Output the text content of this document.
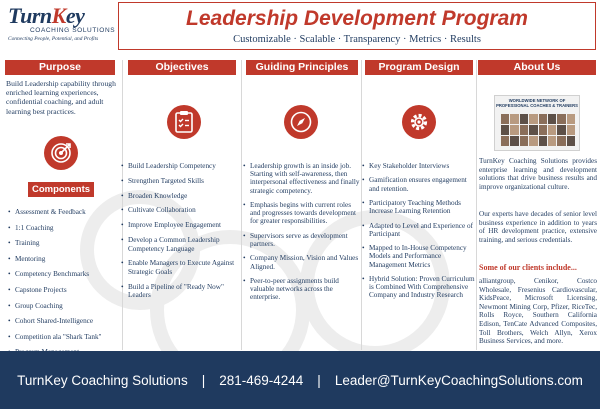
TurnKey
COACHING SOLUTIONS
Connecting People, Potential, and Profits
Leadership Development Program
Customizable · Scalable · Transparency · Metrics · Results
Purpose	Objectives	Guiding Principles	Program Design	About Us
Build Leadership capability through enriched learning experiences, confidential coaching, and adult learning best practices.
Components
• Assessment & Feedback
• 1:1 Coaching
• Training
• Mentoring
• Competency Benchmarks
• Capstone Projects
• Group Coaching
• Cohort Shared-Intelligence
• Competition ala "Shark Tank"
•
•
• Build Leadership Competency
• Strengthen Targeted Skills
• Broaden Knowledge
• Cultivate Collaboration
• Improve Employee Engagement
• Develop a Common Leadership Competency Language
• Enable Managers to Execute Against Strategic Goals
• Build a Pipeline of "Ready Now" Leaders
• Leadership growth is an inside job. Starting with self-awareness, then interpersonal effectiveness and finally strategic competency.
• Emphasis begins with current roles and progresses towards development for greater responsibilities.
• Supervisors serve as development partners.
• Company Mission, Vision and Values Aligned.
• Peer-to-peer assignments build valuable networks across the enterprise.
• Key Stakeholder Interviews
• Gamification ensures engagement and retention.
• Participatory Teaching Methods Increase Learning Retention
• Adapted to Level and Experience of Participant
• Mapped to In-House Competency Models and Performance Management Metrics
• Hybrid Solution: Proven Curriculum is Combined With Comprehensive Company and Industry Research
WORLDWIDE NETWORK OF PROFESSIONAL COACHES & TRAINERS
TurnKey Coaching Solutions provides enterprise learning and development solutions that drive business results and improve organizational culture.
Our experts have decades of senior level business experience in addition to years of HR development practice, extensive training, and serious credentials.
Some of our clients include...
alliantgroup, Cenikor, Costco Wholesale, Fresenius Cardiovascular, KidsPeace, Microsoft Licensing, Newmont Mining Corp, Pfizer, RiceTec, Rolls Royce, Southern California Edison, TenCate Advanced Composites, Toll Brothers, Welch Allyn, Xerox Business Services, and more.
TurnKey Coaching Solutions | 281-469-4244 | Leader@TurnKeyCoachingSolutions.com
